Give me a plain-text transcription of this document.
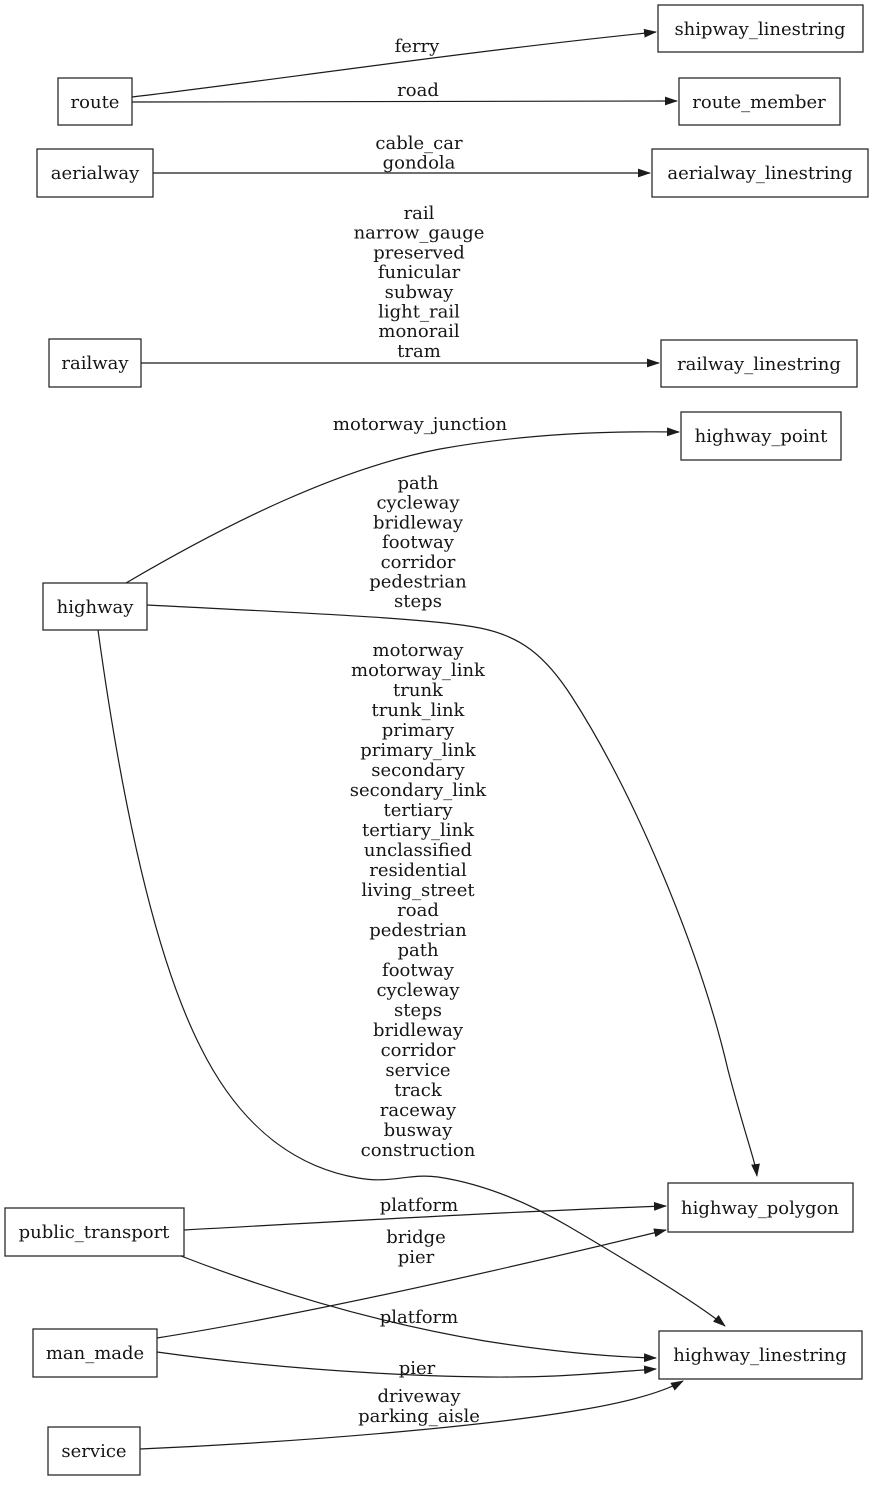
ferry
road
cable_car gondola
rail narrow_gauge preserved funicular subway light_rail monorail tram
motorway_junction
path cycleway bridleway footway corridor pedestrian steps
motorway motorway_link trunk trunk_link primary primary_link secondary secondary_link tertiary tertiary_link unclassified residential living_street road pedestrian path footway cycleway steps bridleway corridor service track raceway busway construction
platform
bridge pier
platform
pier
driveway parking_aisle
route
aerialway
railway
highway
public_transport
man_made
service
shipway_linestring
route_member
aerialway_linestring
railway_linestring
highway_point
highway_polygon
highway_linestring
